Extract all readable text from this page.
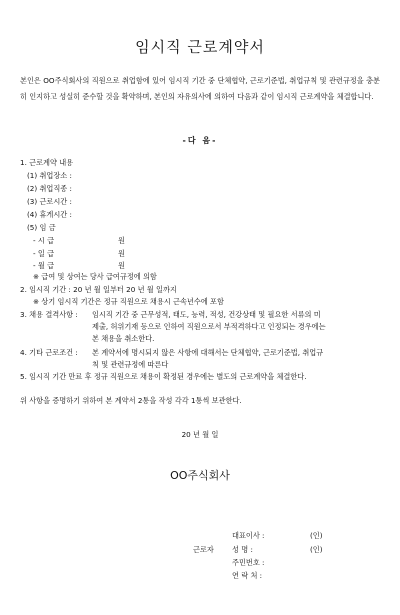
임시직 근로계약서
본인은 OO주식회사의 직원으로 취업함에 있어 임시직 기간 중 단체협약, 근로기준법, 취업규칙 및 관련규정을 충분히 인지하고 성실히 준수할 것을 확약하며, 본인의 자유의사에 의하여 다음과 같이 임시직 근로계약을 체결합니다.
-다 음-
1. 근로계약 내용
(1) 취업장소 :
(2) 취업직종 :
(3) 근로시간 :
(4) 휴게시간 :
(5) 임 금
- 시 급	원
- 일 급	원
- 월 급	원
※ 급여 및 상여는 당사 급여규정에 의함
2. 임시직 기간 : 20 년 월 일부터 20 년 월 일까지
※ 상기 임시직 기간은 정규 직원으로 채용시 근속년수에 포함
3. 채용 결격사항 : 임시직 기간 중 근무성적, 태도, 능력, 적성, 건강상태 및 필요한 서류의 미
제출, 허위기재 등으로 인하여 직원으로서 부적격하다고 인정되는 경우에는
본 채용을 취소한다.
4. 기타 근로조건 : 본 계약서에 명시되지 않은 사항에 대해서는 단체협약, 근로기준법, 취업규
칙 및 관련규정에 따른다
5. 임시직 기간 만료 후 정규 직원으로 채용이 확정된 경우에는 별도의 근로계약을 체결한다.
위 사항을 증명하기 위하여 본 계약서 2통을 작성 각각 1통씩 보관한다.
20 년 월 일
OO주식회사
대표이사 :	(인)
근로자	성 명 :	(인)
주민번호 :
연 락 처 :
